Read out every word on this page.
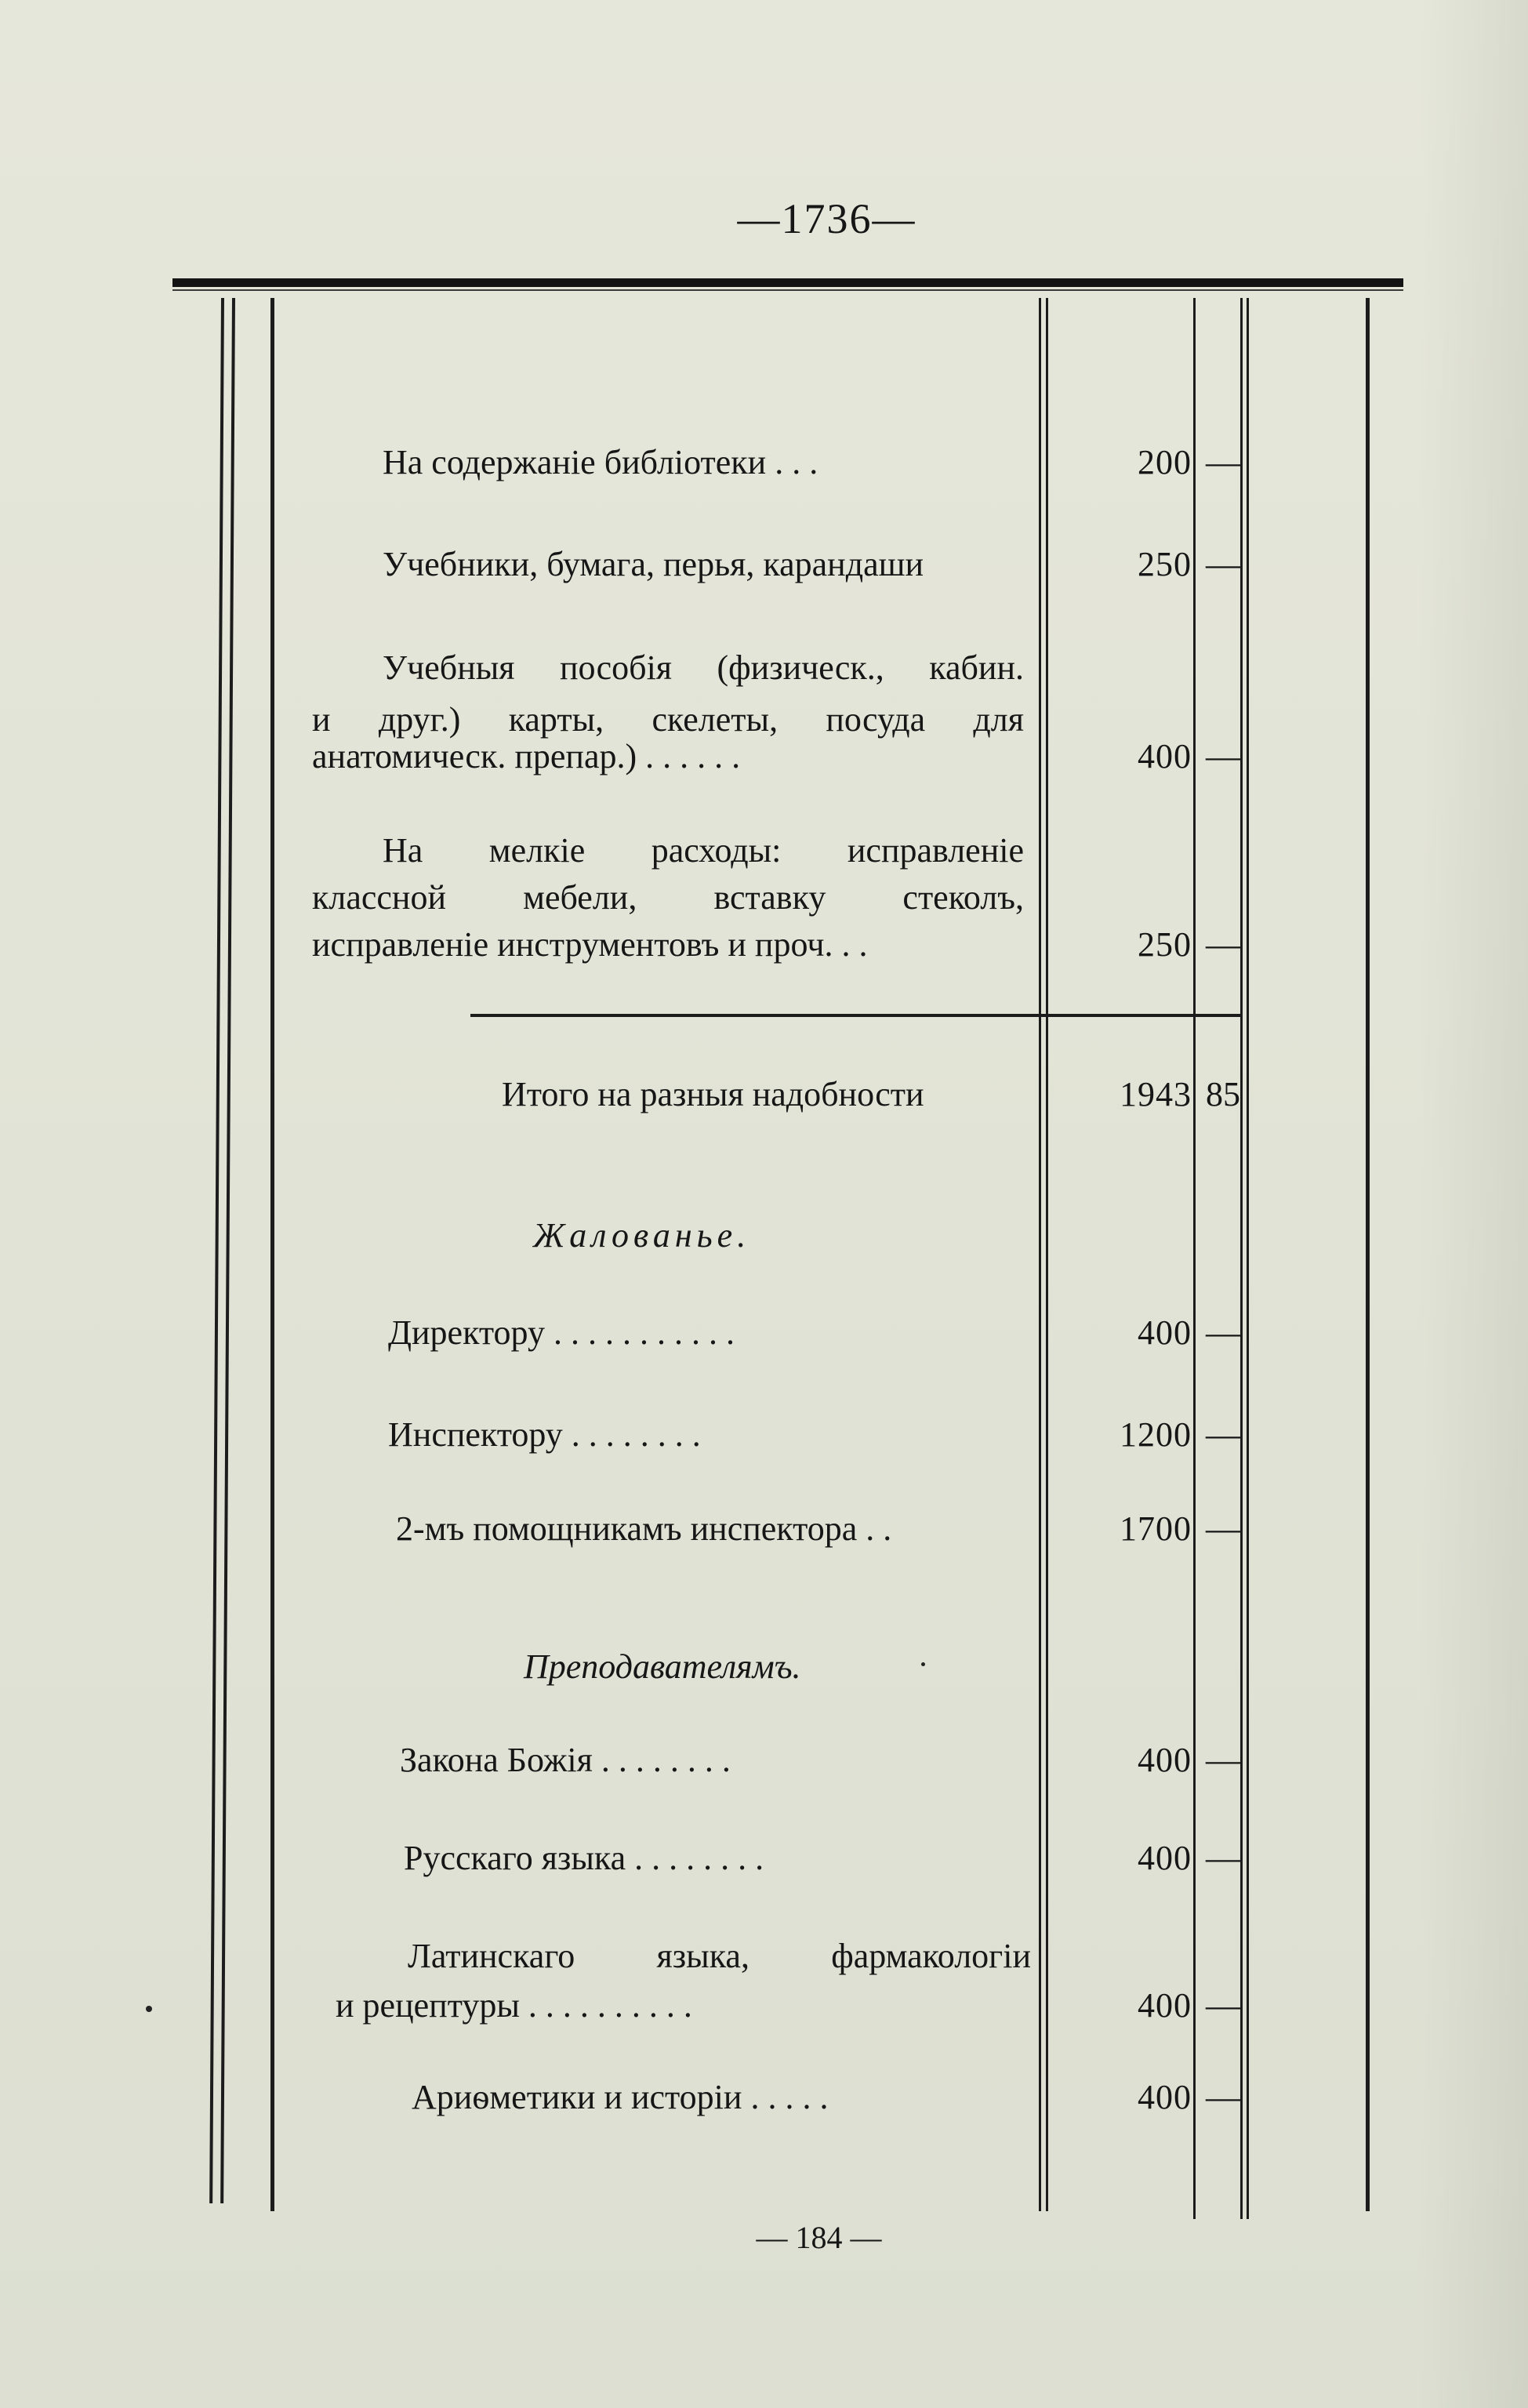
—1736—
На содержанiе библiотеки . . .	200 —
Учебники, бумага, перья, карандаши	250 —
Учебныя пособiя (физическ., кабин.
и друг.) карты, скелеты, посуда для
анатомическ. препар.) . . . . . .	400 —
На мелкiе расходы: исправленiе
классной мебели, вставку стеколъ,
исправленiе инструментовъ и проч. . .	250 —
Итого на разныя надобности	1943 85
Жалованье.
Директору . . . . . . . . . . .	400 —
Инспектору . . . . . . . .	1200 —
2-мъ помощникамъ инспектора . .	1700 —
Преподавателямъ.
Закона Божiя . . . . . . . .	400 —
Русскаго языка . . . . . . . .	400 —
Латинскаго языка, фармакологiи
и рецептуры . . . . . . . . . .	400 —
Ариѳметики и исторiи . . . . .	400 —
— 184 —
